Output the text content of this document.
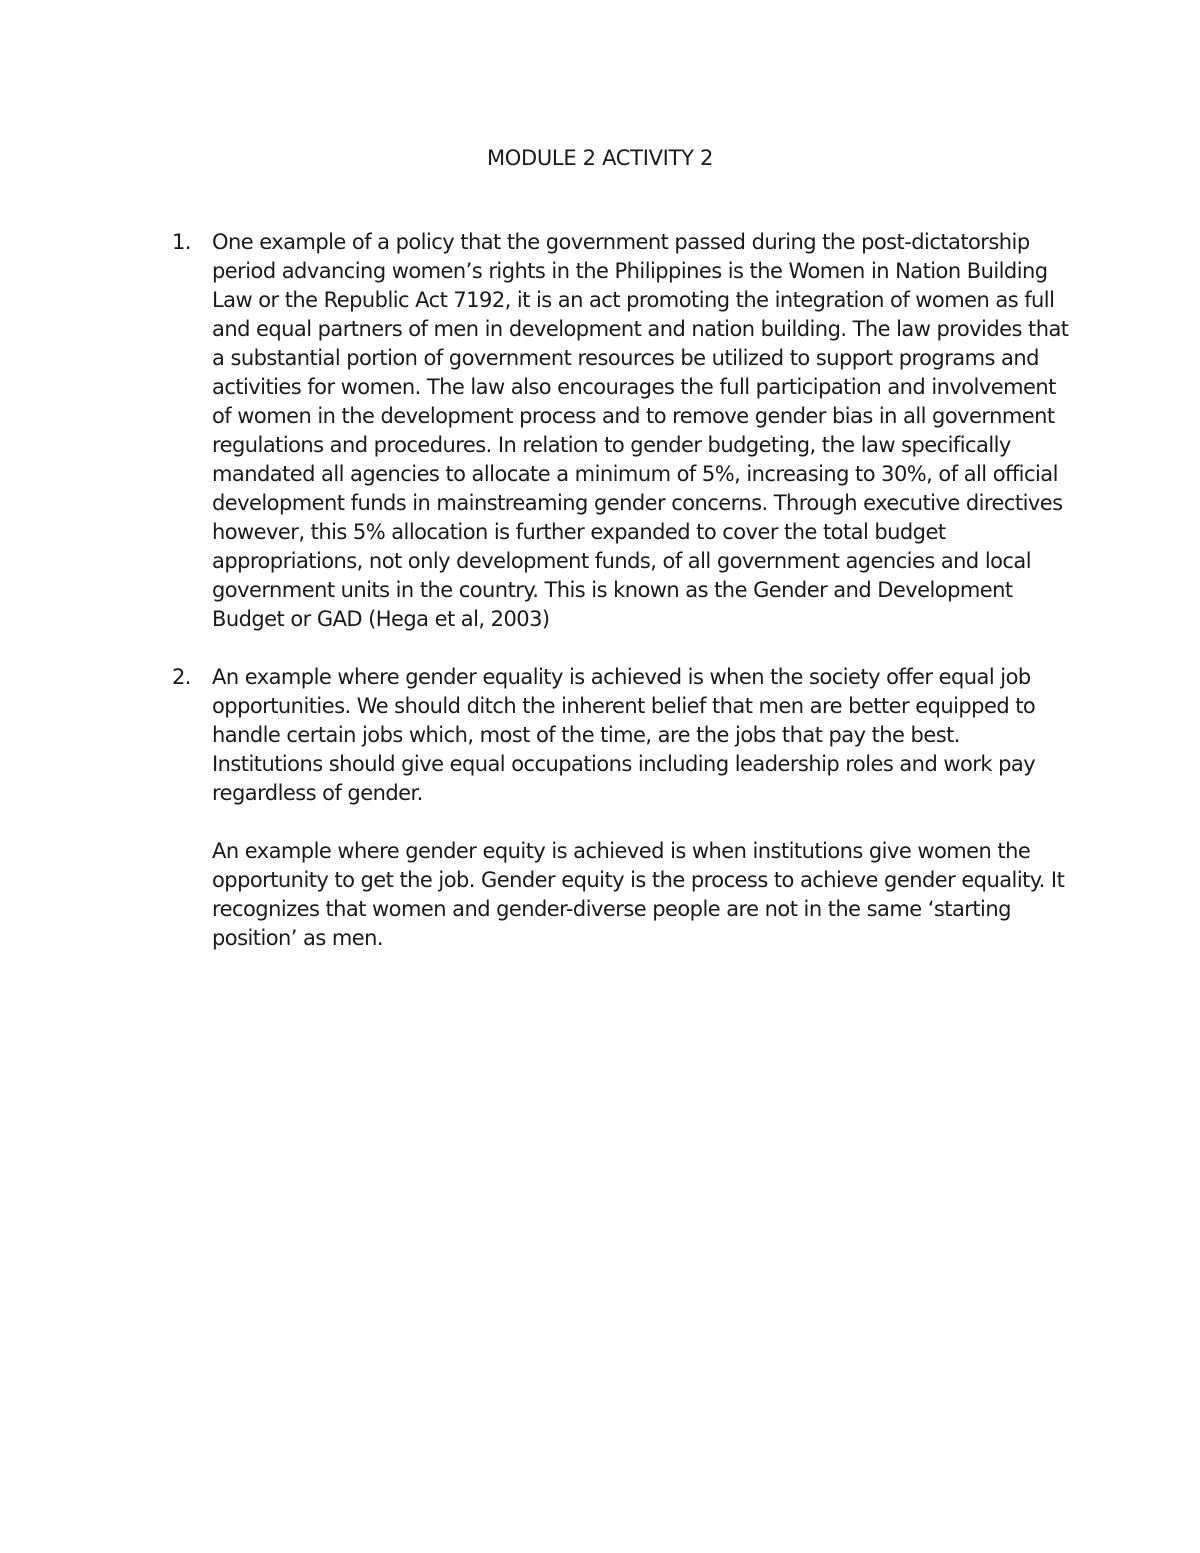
MODULE 2 ACTIVITY 2
1.	One example of a policy that the government passed during the post-dictatorship period advancing women’s rights in the Philippines is the Women in Nation Building Law or the Republic Act 7192, it is an act promoting the integration of women as full and equal partners of men in development and nation building. The law provides that a substantial portion of government resources be utilized to support programs and activities for women. The law also encourages the full participation and involvement of women in the development process and to remove gender bias in all government regulations and procedures. In relation to gender budgeting, the law specifically mandated all agencies to allocate a minimum of 5%, increasing to 30%, of all official development funds in mainstreaming gender concerns. Through executive directives however, this 5% allocation is further expanded to cover the total budget appropriations, not only development funds, of all government agencies and local government units in the country. This is known as the Gender and Development Budget or GAD (Hega et al, 2003)

2.	An example where gender equality is achieved is when the society offer equal job opportunities. We should ditch the inherent belief that men are better equipped to handle certain jobs which, most of the time, are the jobs that pay the best. Institutions should give equal occupations including leadership roles and work pay regardless of gender.

An example where gender equity is achieved is when institutions give women the opportunity to get the job. Gender equity is the process to achieve gender equality. It recognizes that women and gender-diverse people are not in the same ‘starting position’ as men.
